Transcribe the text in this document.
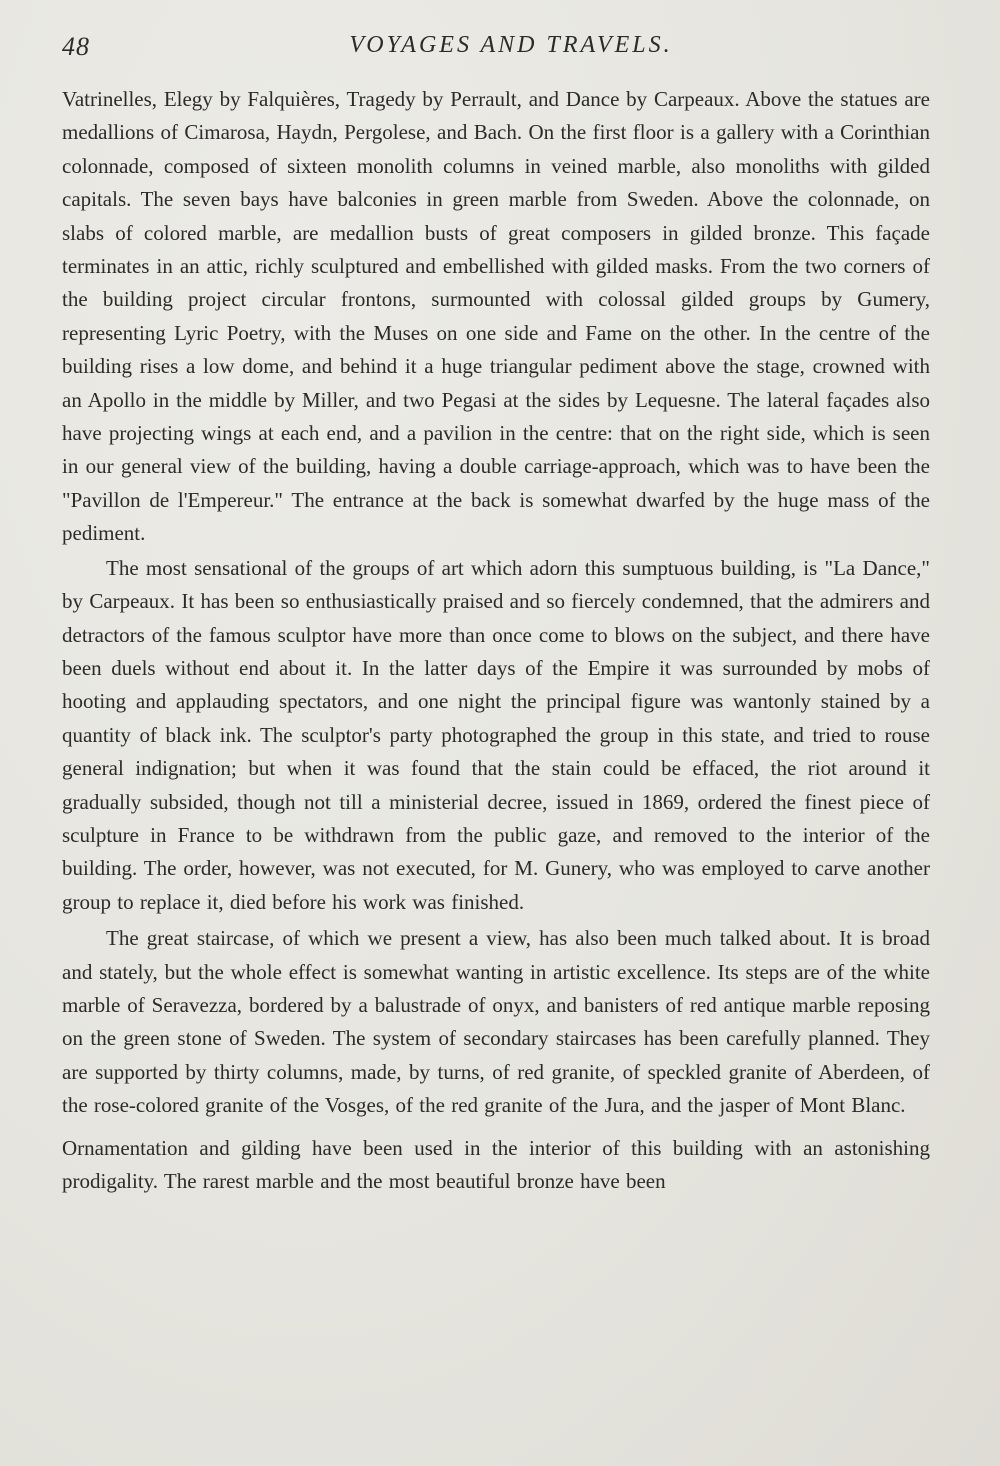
48	VOYAGES AND TRAVELS.

Vatrinelles, Elegy by Falquières, Tragedy by Perrault, and Dance by Carpeaux. Above the statues are medallions of Cimarosa, Haydn, Pergolese, and Bach. On the first floor is a gallery with a Corinthian colonnade, composed of sixteen monolith columns in veined marble, also monoliths with gilded capitals. The seven bays have balconies in green marble from Sweden. Above the colonnade, on slabs of colored marble, are medallion busts of great composers in gilded bronze. This façade terminates in an attic, richly sculptured and embellished with gilded masks. From the two corners of the building project circular frontons, surmounted with colossal gilded groups by Gumery, representing Lyric Poetry, with the Muses on one side and Fame on the other. In the centre of the building rises a low dome, and behind it a huge triangular pediment above the stage, crowned with an Apollo in the middle by Miller, and two Pegasi at the sides by Lequesne. The lateral façades also have projecting wings at each end, and a pavilion in the centre: that on the right side, which is seen in our general view of the building, having a double carriage-approach, which was to have been the "Pavillon de l'Empereur." The entrance at the back is somewhat dwarfed by the huge mass of the pediment.

The most sensational of the groups of art which adorn this sumptuous building, is "La Dance," by Carpeaux. It has been so enthusiastically praised and so fiercely condemned, that the admirers and detractors of the famous sculptor have more than once come to blows on the subject, and there have been duels without end about it. In the latter days of the Empire it was surrounded by mobs of hooting and applauding spectators, and one night the principal figure was wantonly stained by a quantity of black ink. The sculptor's party photographed the group in this state, and tried to rouse general indignation; but when it was found that the stain could be effaced, the riot around it gradually subsided, though not till a ministerial decree, issued in 1869, ordered the finest piece of sculpture in France to be withdrawn from the public gaze, and removed to the interior of the building. The order, however, was not executed, for M. Gunery, who was employed to carve another group to replace it, died before his work was finished.

The great staircase, of which we present a view, has also been much talked about. It is broad and stately, but the whole effect is somewhat wanting in artistic excellence. Its steps are of the white marble of Seravezza, bordered by a balustrade of onyx, and banisters of red antique marble reposing on the green stone of Sweden. The system of secondary staircases has been carefully planned. They are supported by thirty columns, made, by turns, of red granite, of speckled granite of Aberdeen, of the rose-colored granite of the Vosges, of the red granite of the Jura, and the jasper of Mont Blanc.

Ornamentation and gilding have been used in the interior of this building with an astonishing prodigality. The rarest marble and the most beautiful bronze have been
